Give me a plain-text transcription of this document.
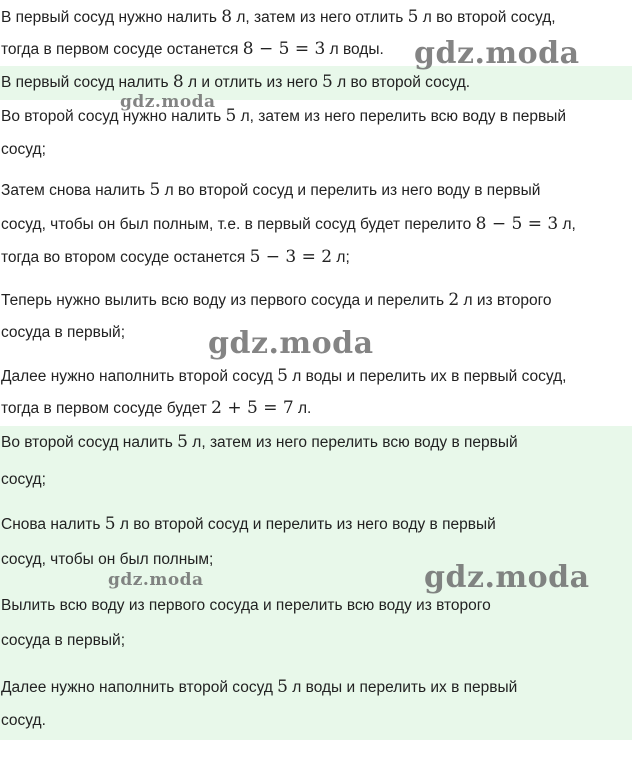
В первый сосуд нужно налить 8 л, затем из него отлить 5 л во второй сосуд,
тогда в первом сосуде останется 8 − 5 = 3 л воды.
В первый сосуд налить 8 л и отлить из него 5 л во второй сосуд.
Во второй сосуд нужно налить 5 л, затем из него перелить всю воду в первый
сосуд;
Затем снова налить 5 л во второй сосуд и перелить из него воду в первый
сосуд, чтобы он был полным, т.е. в первый сосуд будет перелито 8 − 5 = 3 л,
тогда во втором сосуде останется 5 − 3 = 2 л;
Теперь нужно вылить всю воду из первого сосуда и перелить 2 л из второго
сосуда в первый;
Далее нужно наполнить второй сосуд 5 л воды и перелить их в первый сосуд,
тогда в первом сосуде будет 2 + 5 = 7 л.
Во второй сосуд налить 5 л, затем из него перелить всю воду в первый
сосуд;
Снова налить 5 л во второй сосуд и перелить из него воду в первый
сосуд, чтобы он был полным;
Вылить всю воду из первого сосуда и перелить всю воду из второго
сосуда в первый;
Далее нужно наполнить второй сосуд 5 л воды и перелить их в первый
сосуд.
gdz.moda
gdz.moda
gdz.moda
gdz.moda	gdz.moda
